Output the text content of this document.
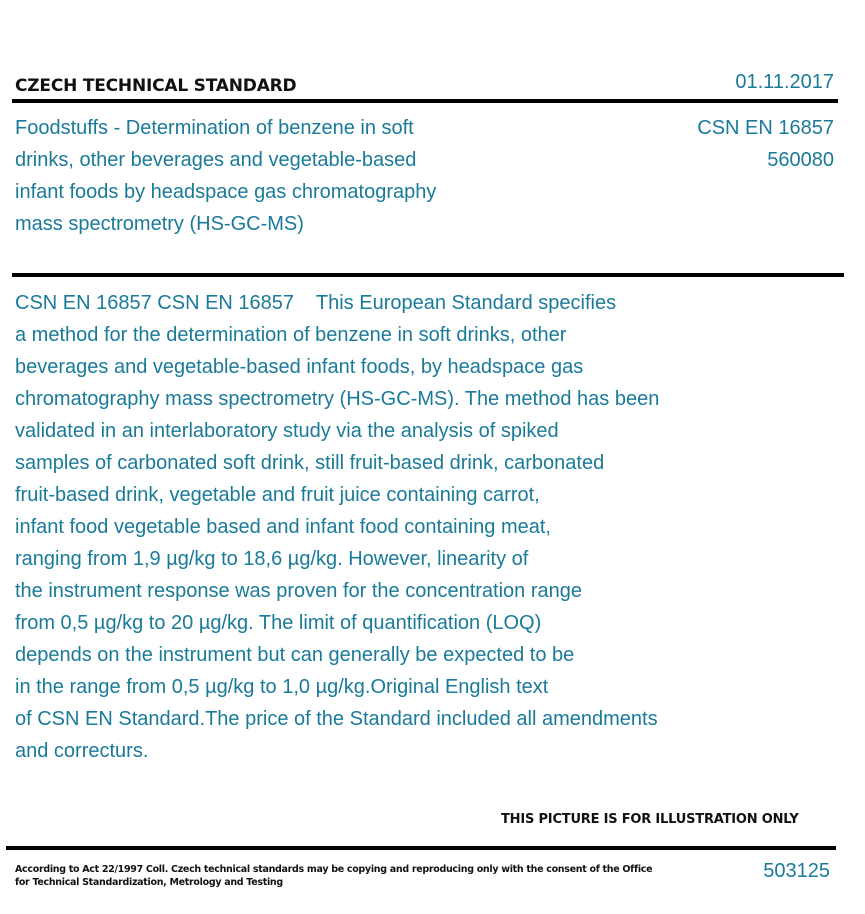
CZECH TECHNICAL STANDARD	01.11.2017
Foodstuffs - Determination of benzene in soft
drinks, other beverages and vegetable-based
infant foods by headspace gas chromatography
mass spectrometry (HS-GC-MS)
CSN EN 16857
560080
CSN EN 16857 CSN EN 16857    This European Standard specifies
a method for the determination of benzene in soft drinks, other
beverages and vegetable-based infant foods, by headspace gas
chromatography mass spectrometry (HS-GC-MS). The method has been
validated in an interlaboratory study via the analysis of spiked
samples of carbonated soft drink, still fruit-based drink, carbonated
fruit-based drink, vegetable and fruit juice containing carrot,
infant food vegetable based and infant food containing meat,
ranging from 1,9 µg/kg to 18,6 µg/kg. However, linearity of
the instrument response was proven for the concentration range
from 0,5 µg/kg to 20 µg/kg. The limit of quantification (LOQ)
depends on the instrument but can generally be expected to be
in the range from 0,5 µg/kg to 1,0 µg/kg.Original English text
of CSN EN Standard.The price of the Standard included all amendments
and correcturs.
THIS PICTURE IS FOR ILLUSTRATION ONLY
According to Act 22/1997 Coll. Czech technical standards may be copying and reproducing only with the consent of the Office
for Technical Standardization, Metrology and Testing
503125
